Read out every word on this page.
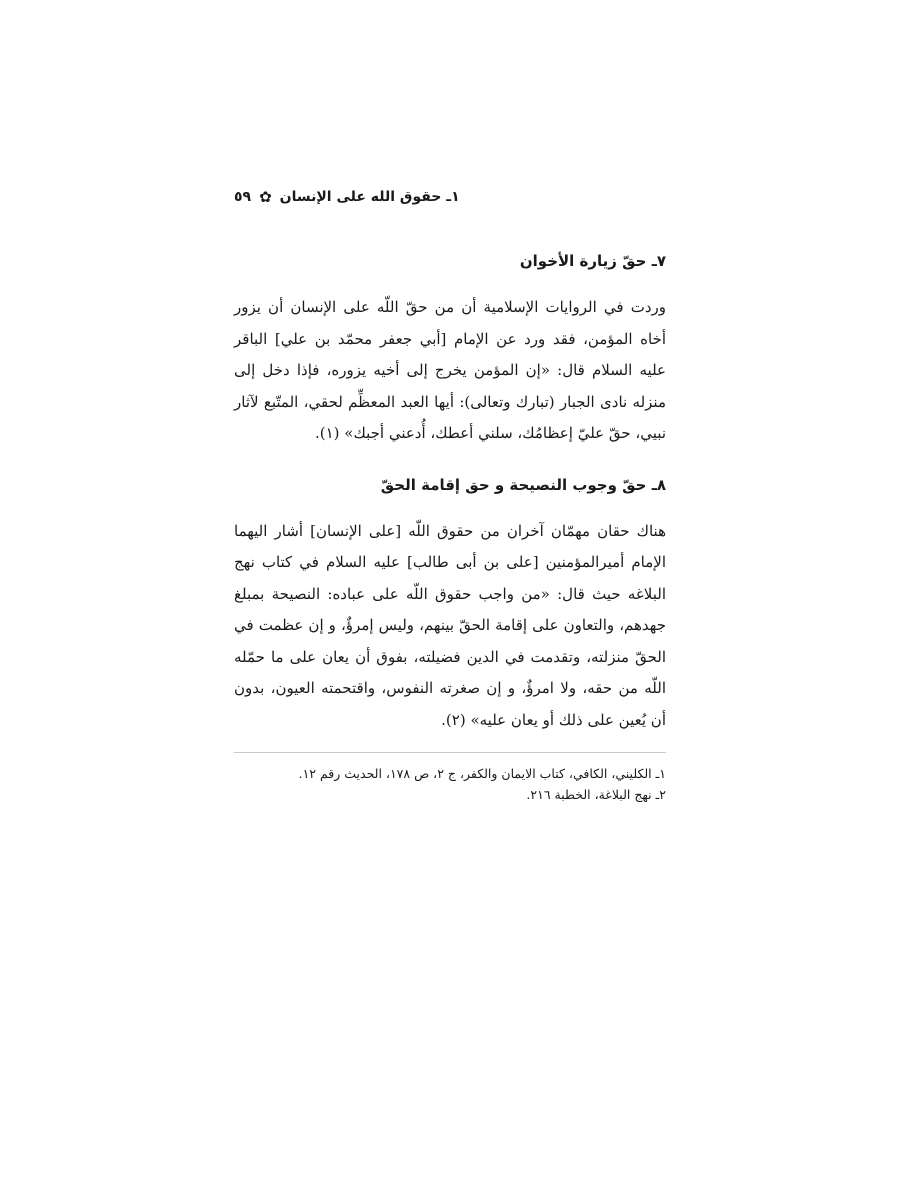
١ـ حقوق الله على الإنسان
✿
٥٩
٧ـ حقّ زيارة الأخوان

وردت في الروايات الإسلامية أن من حقّ اللّه على الإنسان أن يزور أخاه المؤمن، فقد ورد عن الإمام [أبي جعفر محمّد بن علي] الباقر عليه السلام قال: «إن المؤمن يخرج إلى أخيه يزوره، فإذا دخل إلى منزله نادى الجبار (تبارك وتعالى): أيها العبد المعظِّم لحقي، المتّبع لآثار نبيي، حقّ عليّ إعظامُك، سلني أعطك، أُدعني أجبك» (١).

٨ـ حقّ وجوب النصيحة و حق إقامة الحقّ

هناك حقان مهمّان آخران من حقوق اللّه [على الإنسان] أشار اليهما الإمام أميرالمؤمنين [على بن أبى طالب] عليه السلام في كتاب نهج البلاغه حيث قال: «من واجب حقوق اللّه على عباده: النصيحة بمبلغ جهدهم، والتعاون على إقامة الحقّ بينهم، وليس إمرؤٌ، و إن عظمت في الحقّ منزلته، وتقدمت في الدين فضيلته، بفوق أن يعان على ما حمّله اللّه من حقه، ولا امرؤٌ، و إن صغرته النفوس، واقتحمته العيون، بدون أن يُعين على ذلك أو يعان عليه» (٢).

١ـ الكليني، الكافي، كتاب الايمان والكفر، ج ٢، ص ١٧٨، الحديث رقم ١٢.
٢ـ نهج البلاغة، الخطبة ٢١٦.
